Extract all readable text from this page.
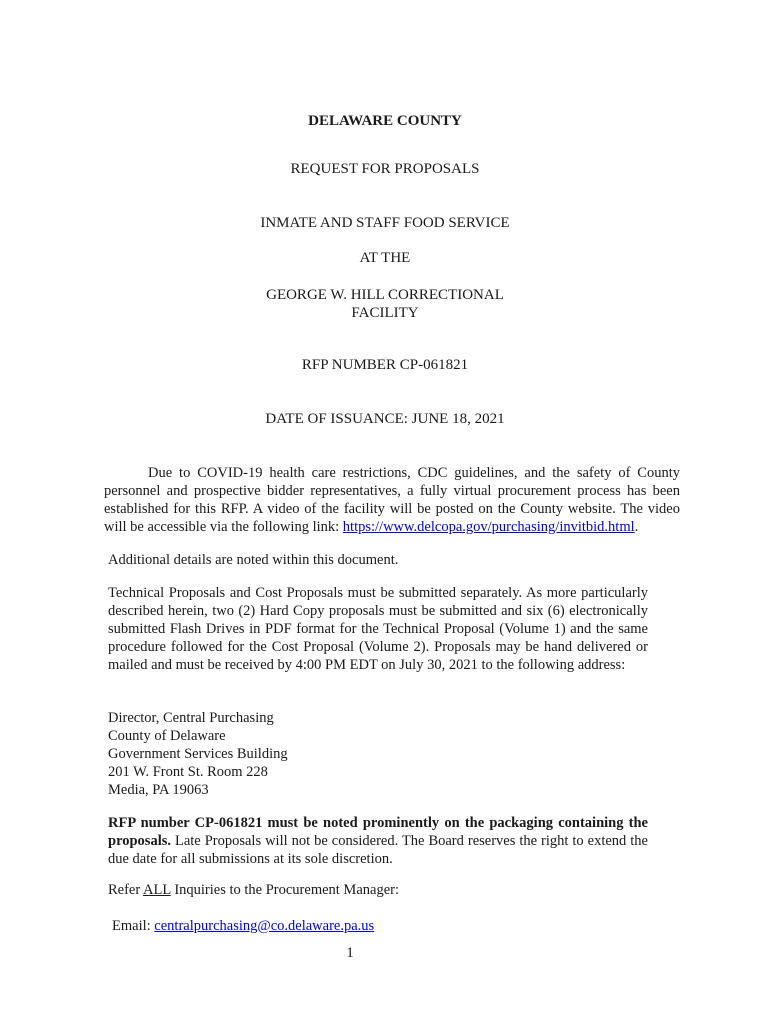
DELAWARE COUNTY
REQUEST FOR PROPOSALS
INMATE AND STAFF FOOD SERVICE
AT THE
GEORGE W. HILL CORRECTIONAL
FACILITY
RFP NUMBER CP-061821
DATE OF ISSUANCE: JUNE 18, 2021

Due to COVID-19 health care restrictions, CDC guidelines, and the safety of County personnel and prospective bidder representatives, a fully virtual procurement process has been established for this RFP. A video of the facility will be posted on the County website. The video will be accessible via the following link: https://www.delcopa.gov/purchasing/invitbid.html.

Additional details are noted within this document.
Technical Proposals and Cost Proposals must be submitted separately. As more particularly described herein, two (2) Hard Copy proposals must be submitted and six (6) electronically submitted Flash Drives in PDF format for the Technical Proposal (Volume 1) and the same procedure followed for the Cost Proposal (Volume 2). Proposals may be hand delivered or mailed and must be received by 4:00 PM EDT on July 30, 2021 to the following address:
Director, Central Purchasing
County of Delaware
Government Services Building
201 W. Front St. Room 228
Media, PA 19063

RFP number CP-061821 must be noted prominently on the packaging containing the proposals. Late Proposals will not be considered. The Board reserves the right to extend the due date for all submissions at its sole discretion.

Refer ALL Inquiries to the Procurement Manager:
Email: centralpurchasing@co.delaware.pa.us
1
